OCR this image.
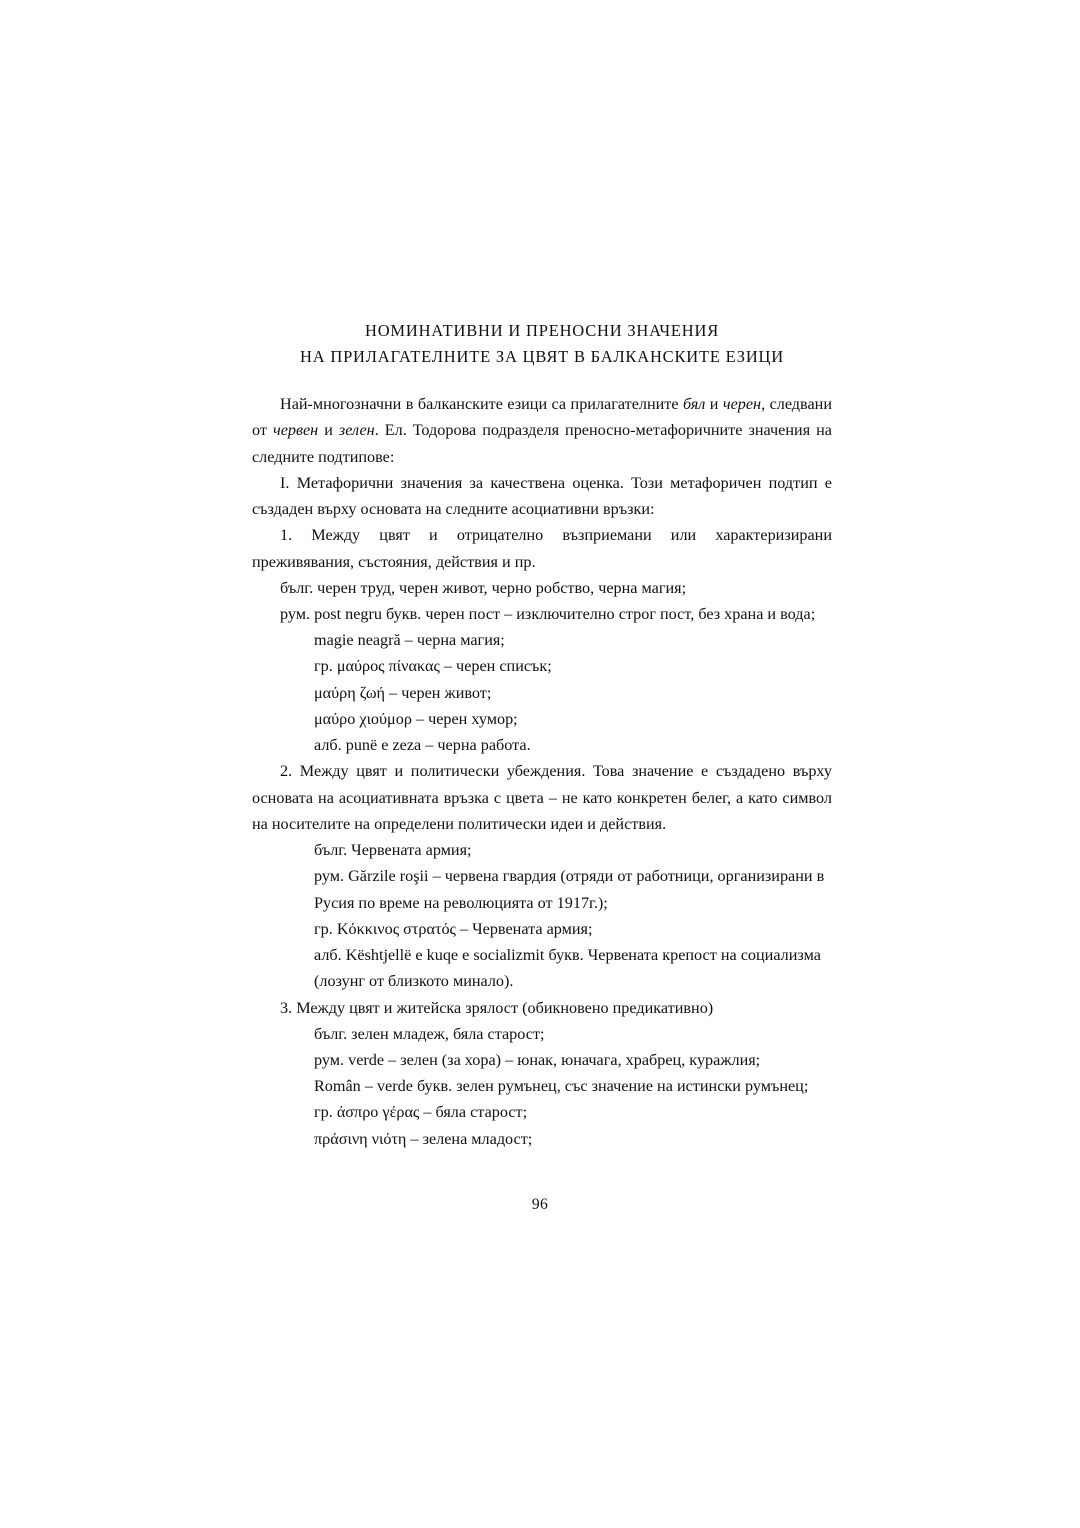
НОМИНАТИВНИ И ПРЕНОСНИ ЗНАЧЕНИЯ
НА ПРИЛАГАТЕЛНИТЕ ЗА ЦВЯТ В БАЛКАНСКИТЕ ЕЗИЦИ

Най-многозначни в балканските езици са прилагателните бял и черен, следвани от червен и зелен. Ел. Тодорова подразделя преносно-метафоричните значения на следните подтипове:

I. Метафорични значения за качествена оценка. Този метафоричен подтип е създаден върху основата на следните асоциативни връзки:

1. Между цвят и отрицателно възприемани или характеризирани преживявания, състояния, действия и пр.

бълг. черен труд, черен живот, черно робство, черна магия;

рум. post negru букв. черен пост – изключително строг пост, без храна и вода;

magie neagră – черна магия;

гр. μαύρος πίνακας – черен списък;

μαύρη ζωή – черен живот;

μαύρο χιούμορ – черен хумор;

алб. punë e zeza – черна работа.

2. Между цвят и политически убеждения. Това значение е създадено върху основата на асоциативната връзка с цвета – не като конкретен белег, а като символ на носителите на определени политически идеи и действия.

бълг. Червената армия;

рум. Gărzile roşii – червена гвардия (отряди от работници, организирани в Русия по време на революцията от 1917г.);

гр. Κόκκινος στρατός – Червената армия;

алб. Kështjellë e kuqe e socializmit букв. Червената крепост на социализма (лозунг от близкото минало).

3. Между цвят и житейска зрялост (обикновено предикативно)

бълг. зелен младеж, бяла старост;

рум. verde – зелен (за хора) – юнак, юначага, храбрец, куражлия;

Român – verde букв. зелен румънец, със значение на истински румънец;

гр. άσπρο γέρας – бяла старост;

πράσινη νιότη – зелена младост;

96
